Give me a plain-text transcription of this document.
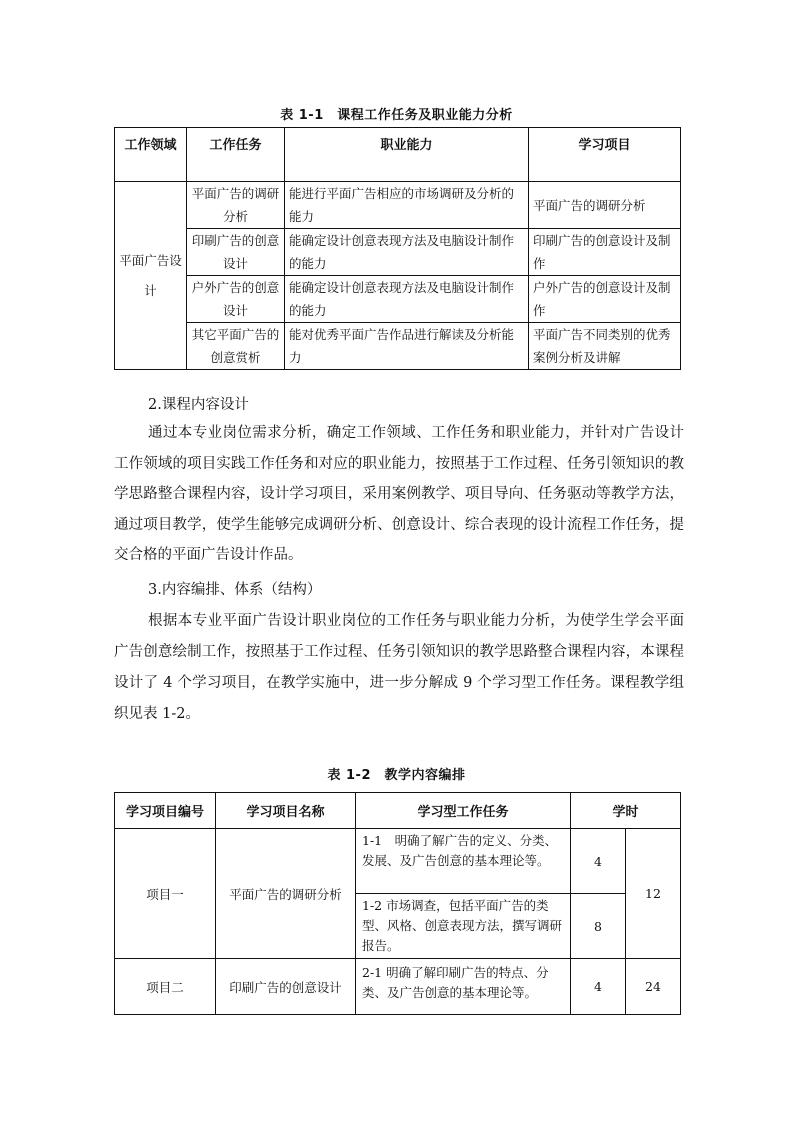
表 1-1　课程工作任务及职业能力分析
工作领域	工作任务	职业能力	学习项目
平面广告设计	平面广告的调研分析	能进行平面广告相应的市场调研及分析的能力	平面广告的调研分析
	印刷广告的创意设计	能确定设计创意表现方法及电脑设计制作的能力	印刷广告的创意设计及制作
	户外广告的创意设计	能确定设计创意表现方法及电脑设计制作的能力	户外广告的创意设计及制作
	其它平面广告的创意赏析	能对优秀平面广告作品进行解读及分析能力	平面广告不同类别的优秀案例分析及讲解
2.课程内容设计
通过本专业岗位需求分析，确定工作领域、工作任务和职业能力，并针对广告设计工作领域的项目实践工作任务和对应的职业能力，按照基于工作过程、任务引领知识的教学思路整合课程内容，设计学习项目，采用案例教学、项目导向、任务驱动等教学方法，通过项目教学，使学生能够完成调研分析、创意设计、综合表现的设计流程工作任务，提交合格的平面广告设计作品。
3.内容编排、体系（结构）
根据本专业平面广告设计职业岗位的工作任务与职业能力分析，为使学生学会平面广告创意绘制工作，按照基于工作过程、任务引领知识的教学思路整合课程内容，本课程设计了 4 个学习项目，在教学实施中，进一步分解成 9 个学习型工作任务。课程教学组织见表 1-2。
表 1-2　教学内容编排
学习项目编号	学习项目名称	学习型工作任务	学时	
项目一	平面广告的调研分析	1-1　明确了解广告的定义、分类、发展、及广告创意的基本理论等。	4	12
		1-2 市场调查，包括平面广告的类型、风格、创意表现方法，撰写调研报告。	8	
项目二	印刷广告的创意设计	2-1 明确了解印刷广告的特点、分类、及广告创意的基本理论等。	4	24
